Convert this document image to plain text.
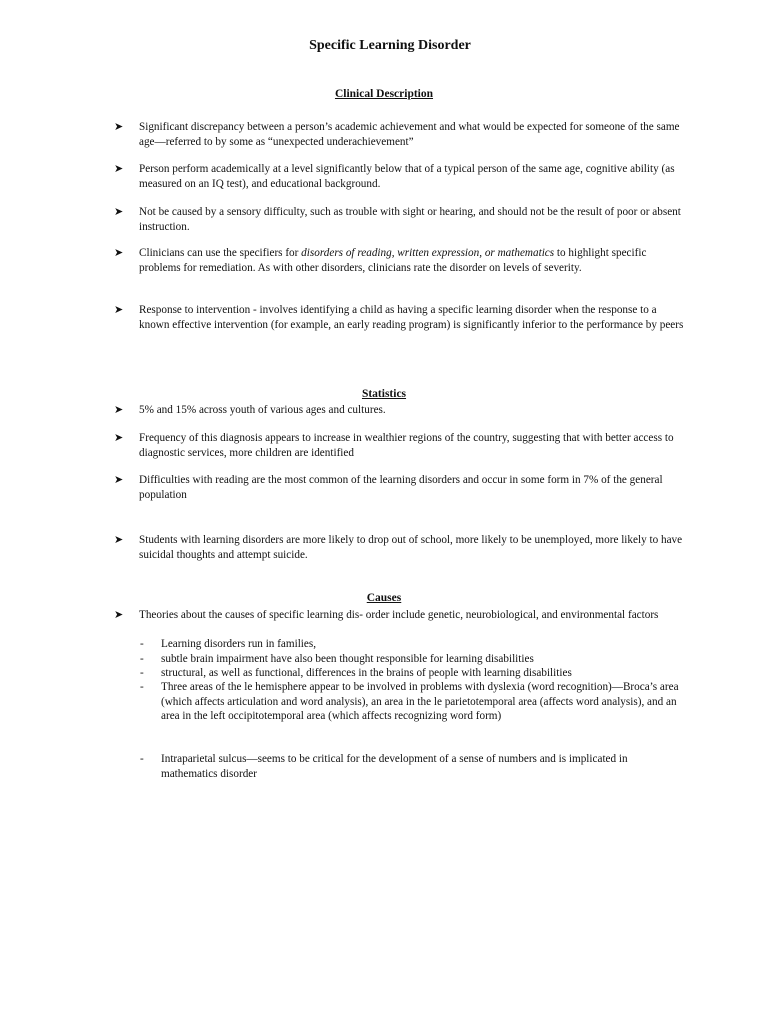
Specific Learning Disorder
Clinical Description
➤ Significant discrepancy between a person’s academic achievement and what would be expected for someone of the same age—referred to by some as “unexpected underachievement”
➤ Person perform academically at a level significantly below that of a typical person of the same age, cognitive ability (as measured on an IQ test), and educational background.
➤ Not be caused by a sensory difficulty, such as trouble with sight or hearing, and should not be the result of poor or absent instruction.
➤ Clinicians can use the specifiers for disorders of reading, written expression, or mathematics to highlight specific problems for remediation. As with other disorders, clinicians rate the disorder on levels of severity.
➤ Response to intervention - involves identifying a child as having a specific learning disorder when the response to a known effective intervention (for example, an early reading program) is significantly inferior to the performance by peers
Statistics
➤ 5% and 15% across youth of various ages and cultures.
➤ Frequency of this diagnosis appears to increase in wealthier regions of the country, suggesting that with better access to diagnostic services, more children are identified
➤ Difficulties with reading are the most common of the learning disorders and occur in some form in 7% of the general population
➤ Students with learning disorders are more likely to drop out of school, more likely to be unemployed, more likely to have suicidal thoughts and attempt suicide.
Causes
➤ Theories about the causes of specific learning dis- order include genetic, neurobiological, and environmental factors
- Learning disorders run in families,
- subtle brain impairment have also been thought responsible for learning disabilities
- structural, as well as functional, differences in the brains of people with learning disabilities
- Three areas of the le hemisphere appear to be involved in problems with dyslexia (word recognition)—Broca’s area (which affects articulation and word analysis), an area in the le parietotemporal area (affects word analysis), and an area in the left occipitotemporal area (which affects recognizing word form)
- Intraparietal sulcus—seems to be critical for the development of a sense of numbers and is implicated in mathematics disorder
